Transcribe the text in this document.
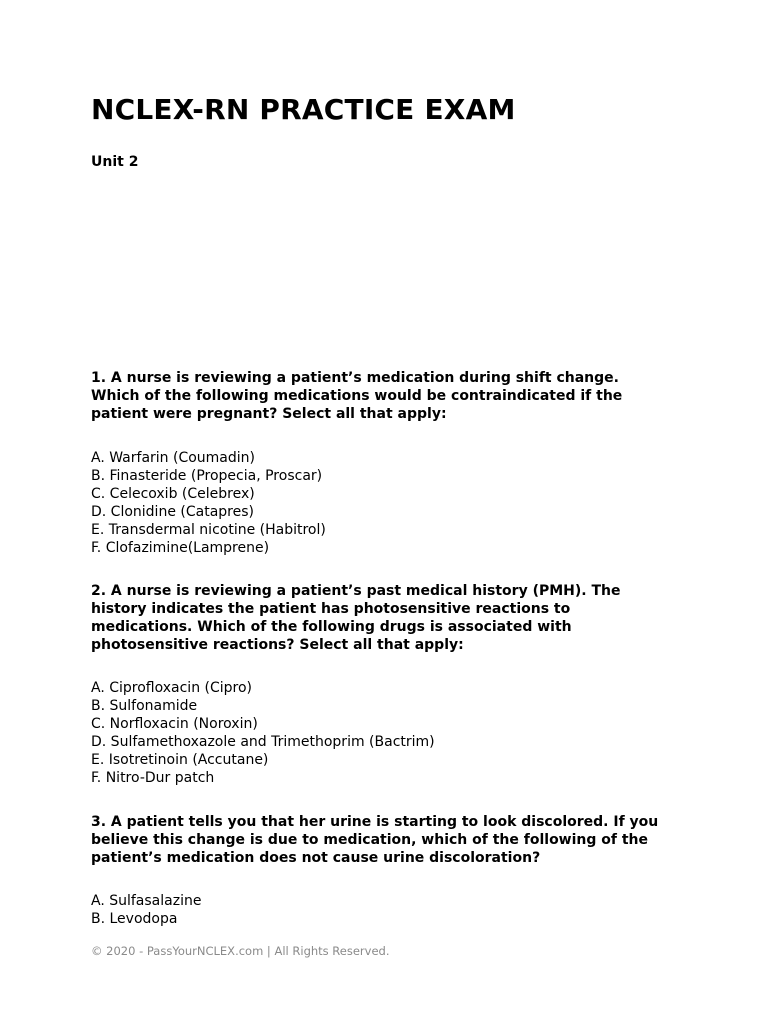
NCLEX-RN PRACTICE EXAM

Unit 2

1. A nurse is reviewing a patient’s medication during shift change.
Which of the following medications would be contraindicated if the
patient were pregnant? Select all that apply:

A. Warfarin (Coumadin)
B. Finasteride (Propecia, Proscar)
C. Celecoxib (Celebrex)
D. Clonidine (Catapres)
E. Transdermal nicotine (Habitrol)
F. Clofazimine(Lamprene)

2. A nurse is reviewing a patient’s past medical history (PMH). The
history indicates the patient has photosensitive reactions to
medications. Which of the following drugs is associated with
photosensitive reactions? Select all that apply:

A. Ciprofloxacin (Cipro)
B. Sulfonamide
C. Norfloxacin (Noroxin)
D. Sulfamethoxazole and Trimethoprim (Bactrim)
E. Isotretinoin (Accutane)
F. Nitro-Dur patch

3. A patient tells you that her urine is starting to look discolored. If you
believe this change is due to medication, which of the following of the
patient’s medication does not cause urine discoloration?

A. Sulfasalazine
B. Levodopa

© 2020 - PassYourNCLEX.com | All Rights Reserved.
